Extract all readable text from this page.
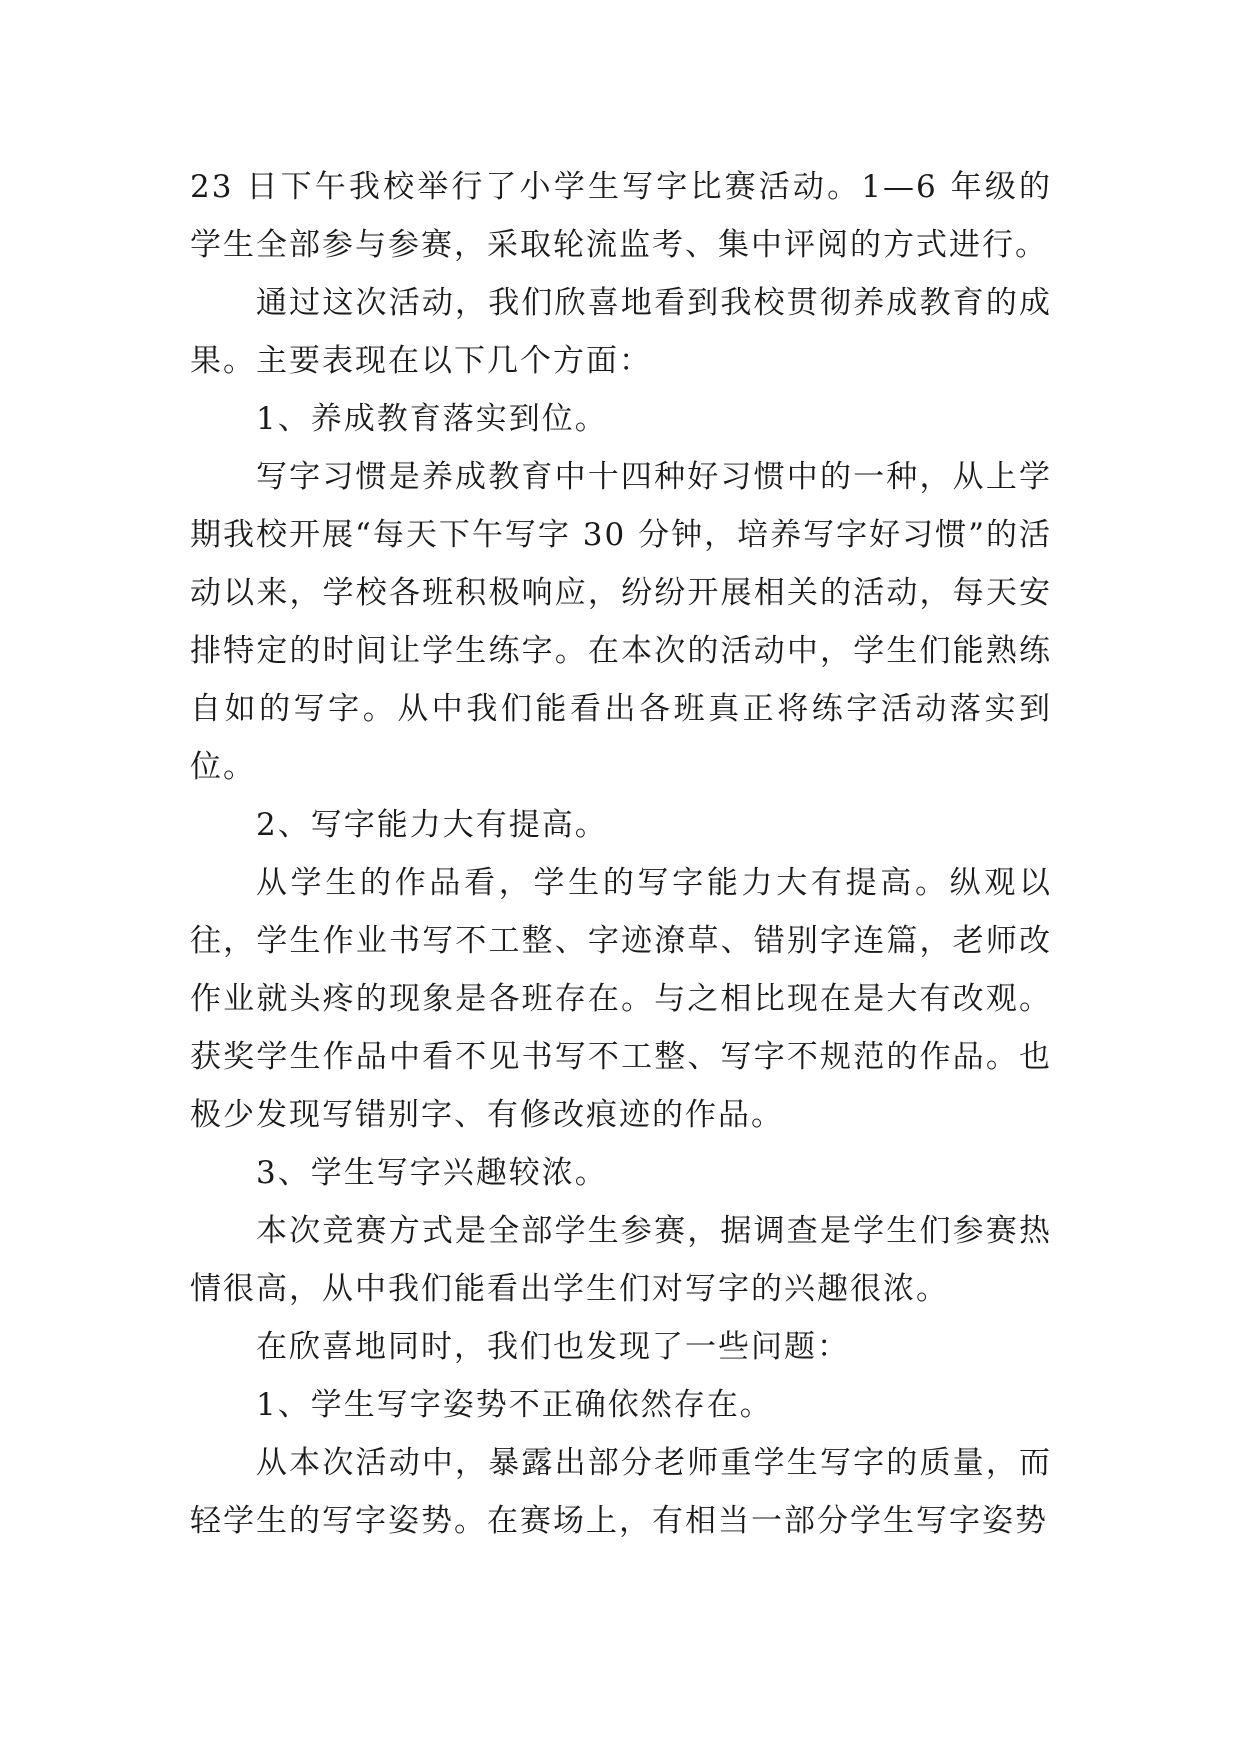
23 日下午我校举行了小学生写字比赛活动。1—6 年级的学生全部参与参赛，采取轮流监考、集中评阅的方式进行。

通过这次活动，我们欣喜地看到我校贯彻养成教育的成果。主要表现在以下几个方面：

1、养成教育落实到位。

写字习惯是养成教育中十四种好习惯中的一种，从上学期我校开展“每天下午写字 30 分钟，培养写字好习惯”的活动以来，学校各班积极响应，纷纷开展相关的活动，每天安排特定的时间让学生练字。在本次的活动中，学生们能熟练自如的写字。从中我们能看出各班真正将练字活动落实到位。

2、写字能力大有提高。

从学生的作品看，学生的写字能力大有提高。纵观以往，学生作业书写不工整、字迹潦草、错别字连篇，老师改作业就头疼的现象是各班存在。与之相比现在是大有改观。获奖学生作品中看不见书写不工整、写字不规范的作品。也极少发现写错别字、有修改痕迹的作品。

3、学生写字兴趣较浓。

本次竞赛方式是全部学生参赛，据调查是学生们参赛热情很高，从中我们能看出学生们对写字的兴趣很浓。

在欣喜地同时，我们也发现了一些问题：

1、学生写字姿势不正确依然存在。

从本次活动中，暴露出部分老师重学生写字的质量，而轻学生的写字姿势。在赛场上，有相当一部分学生写字姿势
